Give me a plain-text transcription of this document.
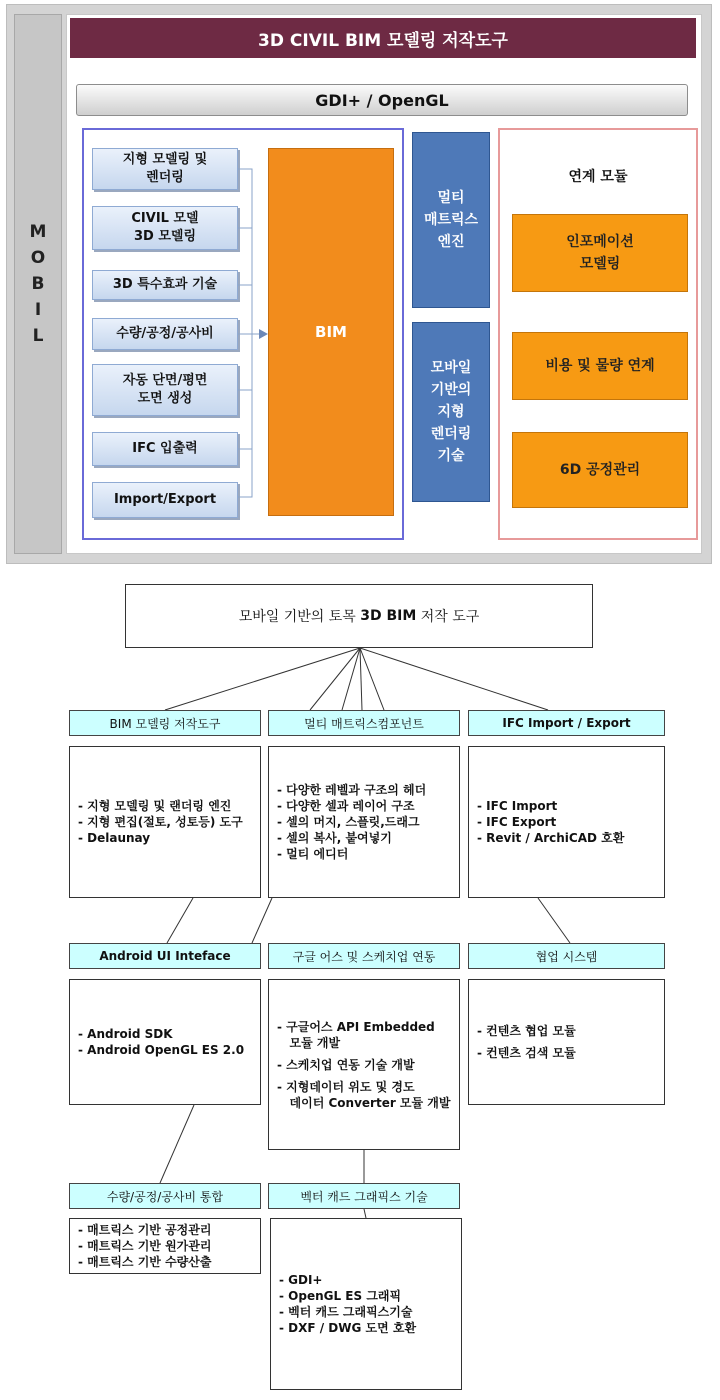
M
O
B
I
L
3D CIVIL BIM 모델링 저작도구
GDI+ / OpenGL
지형 모델링 및
렌더링
CIVIL 모델
3D 모델링
3D 특수효과 기술
수량/공정/공사비
자동 단면/평면
도면 생성
IFC 입출력
Import/Export
BIM
멀티
매트릭스
엔진
모바일
기반의
지형
렌더링
기술
연계 모듈
인포메이션
모델링
비용 및 물량 연계
6D 공정관리
모바일 기반의 토목
3D BIM
저작 도구
BIM 모델링 저작도구
- 지형 모델링 및 랜더링 엔진
- 지형 편집(절토, 성토등) 도구
- Delaunay
멀티 매트릭스컴포넌트
- 다양한 레벨과 구조의 헤더
- 다양한 셀과 레이어 구조
- 셀의 머지, 스플릿,드래그
- 셀의 복사, 붙여넣기
- 멀티 에디터
IFC Import / Export
- IFC Import
- IFC Export
- Revit / ArchiCAD 호환
Android UI Inteface
- Android SDK
- Android OpenGL ES 2.0
구글 어스 및 스케치업 연동
- 구글어스 API Embedded
모듈 개발
- 스케치업 연동 기술 개발
- 지형데이터 위도 및 경도
데이터 Converter 모듈 개발
협업 시스템
- 컨텐츠 협업 모듈
- 컨텐츠 검색 모듈
수량/공정/공사비 통합
- 매트릭스 기반 공정관리
- 매트릭스 기반 원가관리
- 매트릭스 기반 수량산출
벡터 캐드 그래픽스 기술
- GDI+
- OpenGL ES 그래픽
- 벡터 캐드 그래픽스기술
- DXF / DWG 도면 호환
